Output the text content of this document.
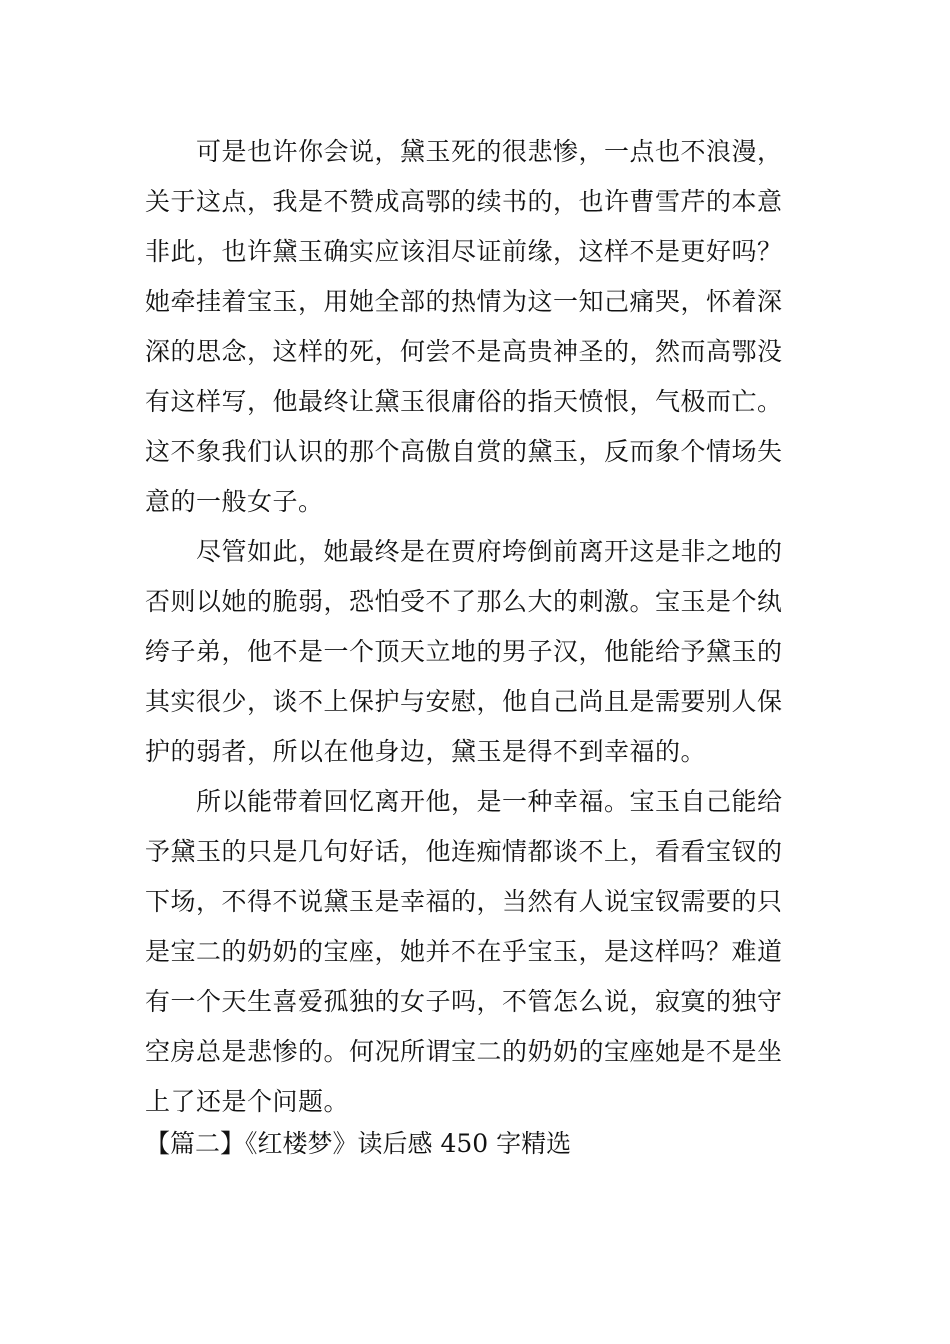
可是也许你会说，黛玉死的很悲惨，一点也不浪漫，
关于这点，我是不赞成高鄂的续书的，也许曹雪芹的本意
非此，也许黛玉确实应该泪尽证前缘，这样不是更好吗？
她牵挂着宝玉，用她全部的热情为这一知己痛哭，怀着深
深的思念，这样的死，何尝不是高贵神圣的，然而高鄂没
有这样写，他最终让黛玉很庸俗的指天愤恨，气极而亡。
这不象我们认识的那个高傲自赏的黛玉，反而象个情场失
意的一般女子。
尽管如此，她最终是在贾府垮倒前离开这是非之地的
否则以她的脆弱，恐怕受不了那么大的刺激。宝玉是个纨
绔子弟，他不是一个顶天立地的男子汉，他能给予黛玉的
其实很少，谈不上保护与安慰，他自己尚且是需要别人保
护的弱者，所以在他身边，黛玉是得不到幸福的。
所以能带着回忆离开他，是一种幸福。宝玉自己能给
予黛玉的只是几句好话，他连痴情都谈不上，看看宝钗的
下场，不得不说黛玉是幸福的，当然有人说宝钗需要的只
是宝二的奶奶的宝座，她并不在乎宝玉，是这样吗？难道
有一个天生喜爱孤独的女子吗，不管怎么说，寂寞的独守
空房总是悲惨的。何况所谓宝二的奶奶的宝座她是不是坐
上了还是个问题。
【篇二】《红楼梦》读后感 450 字精选
